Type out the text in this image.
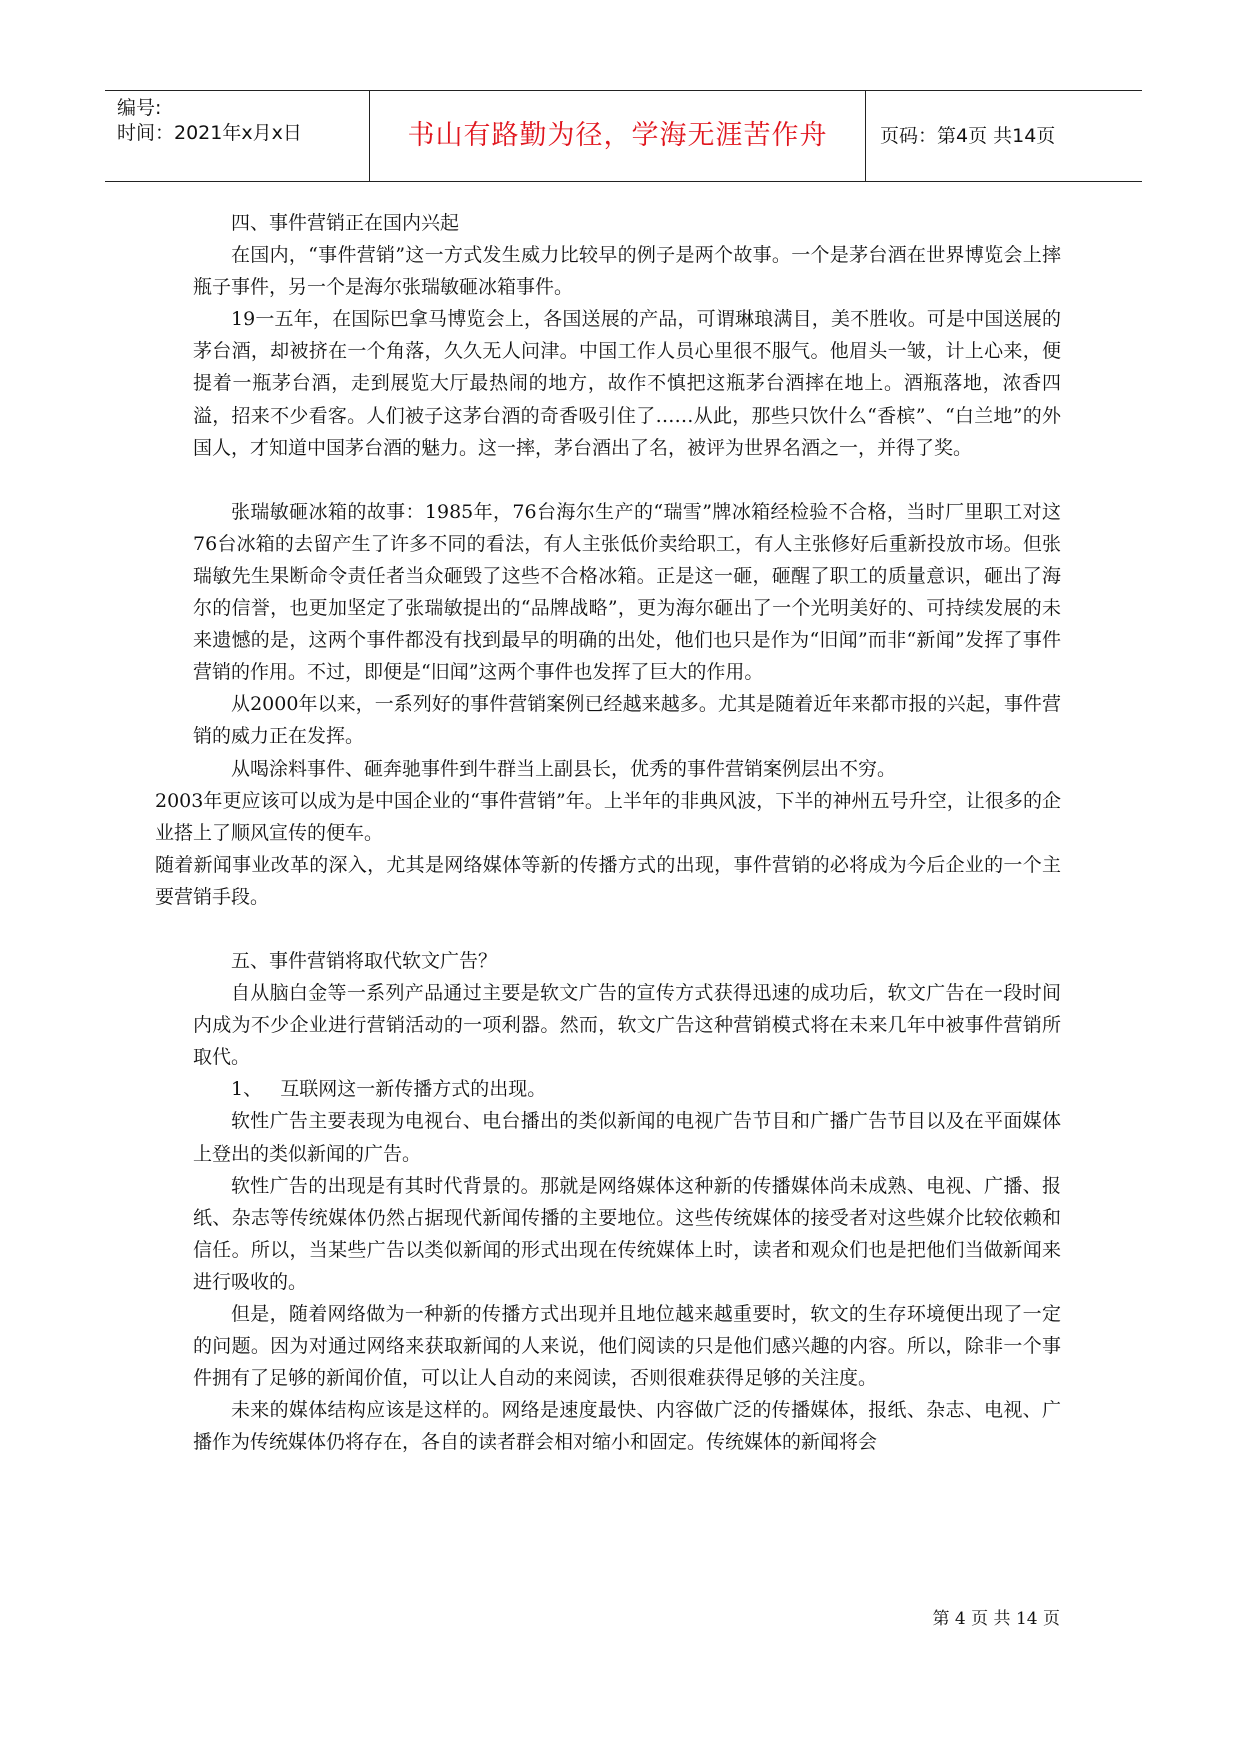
编号:
时间：2021年x月x日	书山有路勤为径，学海无涯苦作舟	页码：第4页 共14页

四、事件营销正在国内兴起

在国内，“事件营销”这一方式发生威力比较早的例子是两个故事。一个是茅台酒在世界博览会上摔瓶子事件，另一个是海尔张瑞敏砸冰箱事件。

19一五年，在国际巴拿马博览会上，各国送展的产品，可谓琳琅满目，美不胜收。可是中国送展的茅台酒，却被挤在一个角落，久久无人问津。中国工作人员心里很不服气。他眉头一皱，计上心来，便提着一瓶茅台酒，走到展览大厅最热闹的地方，故作不慎把这瓶茅台酒摔在地上。酒瓶落地，浓香四溢，招来不少看客。人们被子这茅台酒的奇香吸引住了……从此，那些只饮什么“香槟”、“白兰地”的外国人，才知道中国茅台酒的魅力。这一摔，茅台酒出了名，被评为世界名酒之一，并得了奖。

张瑞敏砸冰箱的故事：1985年，76台海尔生产的“瑞雪”牌冰箱经检验不合格，当时厂里职工对这76台冰箱的去留产生了许多不同的看法，有人主张低价卖给职工，有人主张修好后重新投放市场。但张瑞敏先生果断命令责任者当众砸毁了这些不合格冰箱。正是这一砸，砸醒了职工的质量意识，砸出了海尔的信誉，也更加坚定了张瑞敏提出的“品牌战略”，更为海尔砸出了一个光明美好的、可持续发展的未来遗憾的是，这两个事件都没有找到最早的明确的出处，他们也只是作为“旧闻”而非“新闻”发挥了事件营销的作用。不过，即便是“旧闻”这两个事件也发挥了巨大的作用。

从2000年以来，一系列好的事件营销案例已经越来越多。尤其是随着近年来都市报的兴起，事件营销的威力正在发挥。

从喝涂料事件、砸奔驰事件到牛群当上副县长，优秀的事件营销案例层出不穷。

2003年更应该可以成为是中国企业的“事件营销”年。上半年的非典风波，下半的神州五号升空，让很多的企业搭上了顺风宣传的便车。

随着新闻事业改革的深入，尤其是网络媒体等新的传播方式的出现，事件营销的必将成为今后企业的一个主要营销手段。

五、事件营销将取代软文广告？

自从脑白金等一系列产品通过主要是软文广告的宣传方式获得迅速的成功后，软文广告在一段时间内成为不少企业进行营销活动的一项利器。然而，软文广告这种营销模式将在未来几年中被事件营销所取代。

1、   互联网这一新传播方式的出现。

软性广告主要表现为电视台、电台播出的类似新闻的电视广告节目和广播广告节目以及在平面媒体上登出的类似新闻的广告。

软性广告的出现是有其时代背景的。那就是网络媒体这种新的传播媒体尚未成熟、电视、广播、报纸、杂志等传统媒体仍然占据现代新闻传播的主要地位。这些传统媒体的接受者对这些媒介比较依赖和信任。所以，当某些广告以类似新闻的形式出现在传统媒体上时，读者和观众们也是把他们当做新闻来进行吸收的。

但是，随着网络做为一种新的传播方式出现并且地位越来越重要时，软文的生存环境便出现了一定的问题。因为对通过网络来获取新闻的人来说，他们阅读的只是他们感兴趣的内容。所以，除非一个事件拥有了足够的新闻价值，可以让人自动的来阅读，否则很难获得足够的关注度。

未来的媒体结构应该是这样的。网络是速度最快、内容做广泛的传播媒体，报纸、杂志、电视、广播作为传统媒体仍将存在，各自的读者群会相对缩小和固定。传统媒体的新闻将会

第 4 页 共 14 页
